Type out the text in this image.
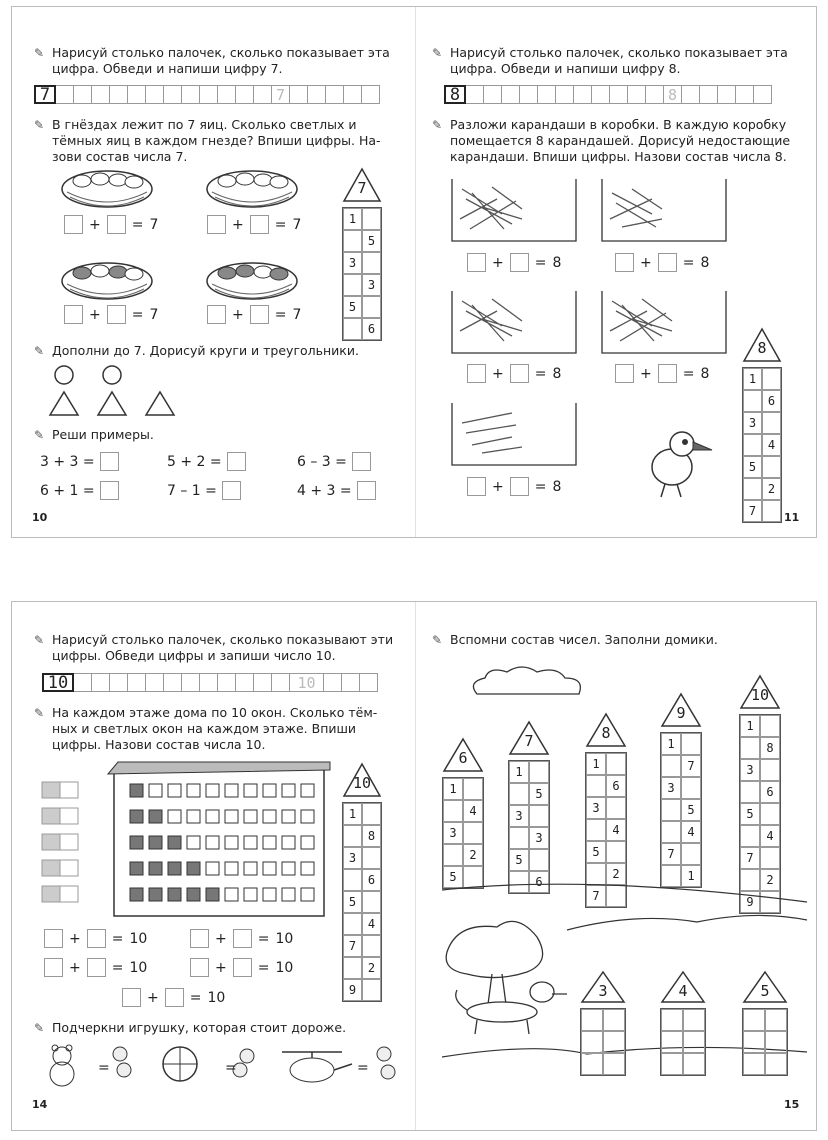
✎ Нарисуй столько палочек, сколько показывает эта
цифра. Обведи и напиши цифру 7.
7	7
✎ В гнёздах лежит по 7 яиц. Сколько светлых и
тёмных яиц в каждом гнезде? Впиши цифры. На-
зови состав числа 7.
+ = 7	+ = 7
+ = 7	+ = 7
7
1
5
3
3
5
6
✎ Дополни до 7. Дорисуй круги и треугольники.
✎ Реши примеры.
3 + 3 =	5 + 2 =	6 – 3 =
6 + 1 =	7 – 1 =	4 + 3 =
10
✎ Нарисуй столько палочек, сколько показывает эта
цифра. Обведи и напиши цифру 8.
8	8
✎ Разложи карандаши в коробки. В каждую коробку
помещается 8 карандашей. Дорисуй недостающие
карандаши. Впиши цифры. Назови состав числа 8.
+ = 8	+ = 8
+ = 8	+ = 8
+ = 8
8
1
6
3
4
5
2
7	11
✎ Нарисуй столько палочек, сколько показывают эти
цифры. Обведи цифры и запиши число 10.
10	10
✎ На каждом этаже дома по 10 окон. Сколько тём-
ных и светлых окон на каждом этаже. Впиши
цифры. Назови состав числа 10.
+ = 10	+ = 10
+ = 10	+ = 10
+ = 10
10
1
8
3
6
5
4
7
2
9
✎ Подчеркни игрушку, которая стоит дороже.
=	=	=
14
✎ Вспомни состав чисел. Заполни домики.
6
1
4
3
2
5
7
1
5
3
3
5
6
8
1
6
3
4
5
2
7
9
1
7
3
5
4
7
1
10
1
8
3
6
5
4
7
2
9
3	4	5
15
